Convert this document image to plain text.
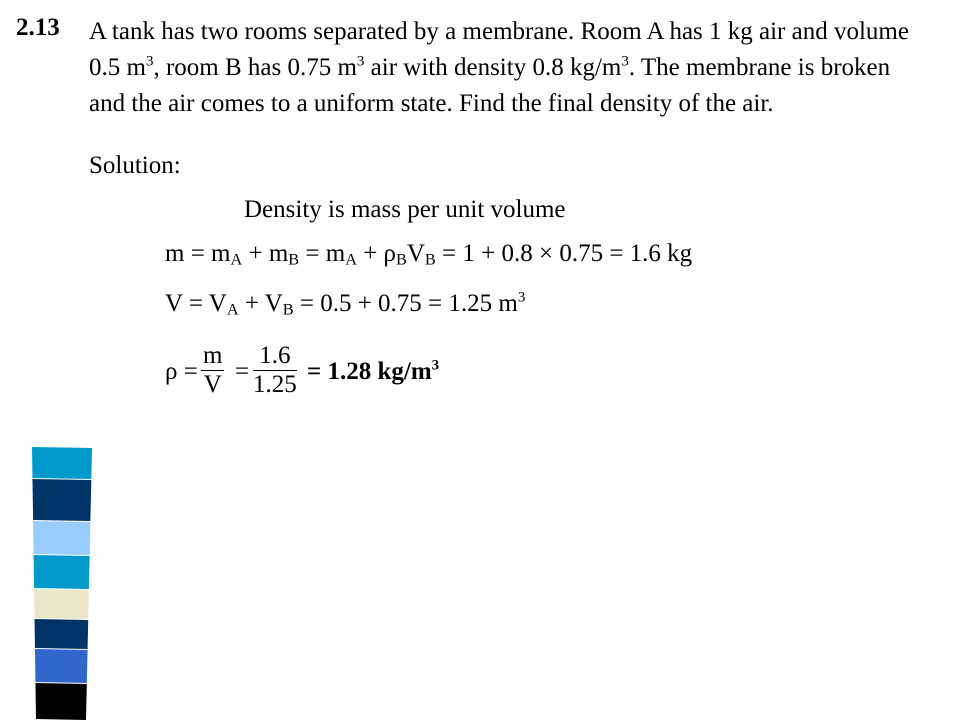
2.13 A tank has two rooms separated by a membrane. Room A has 1 kg air and volume
0.5 $m^3$, room B has 0.75 $m^3$ air with density 0.8 $kg/m^3$. The membrane is broken
and the air comes to a uniform state. Find the final density of the air.
Solution:
Density is mass per unit volume
$m = m_A + m_B = m_A + \rho_BV_B = 1 + 0.8 \times 0.75 = 1.6$ kg
$V = V_A + V_B = 0.5 + 0.75 = 1.25$ $m^3$
$\rho = \frac{m}{V} = \frac{1.6}{1.25} = 1.28$ $kg/m^3$
